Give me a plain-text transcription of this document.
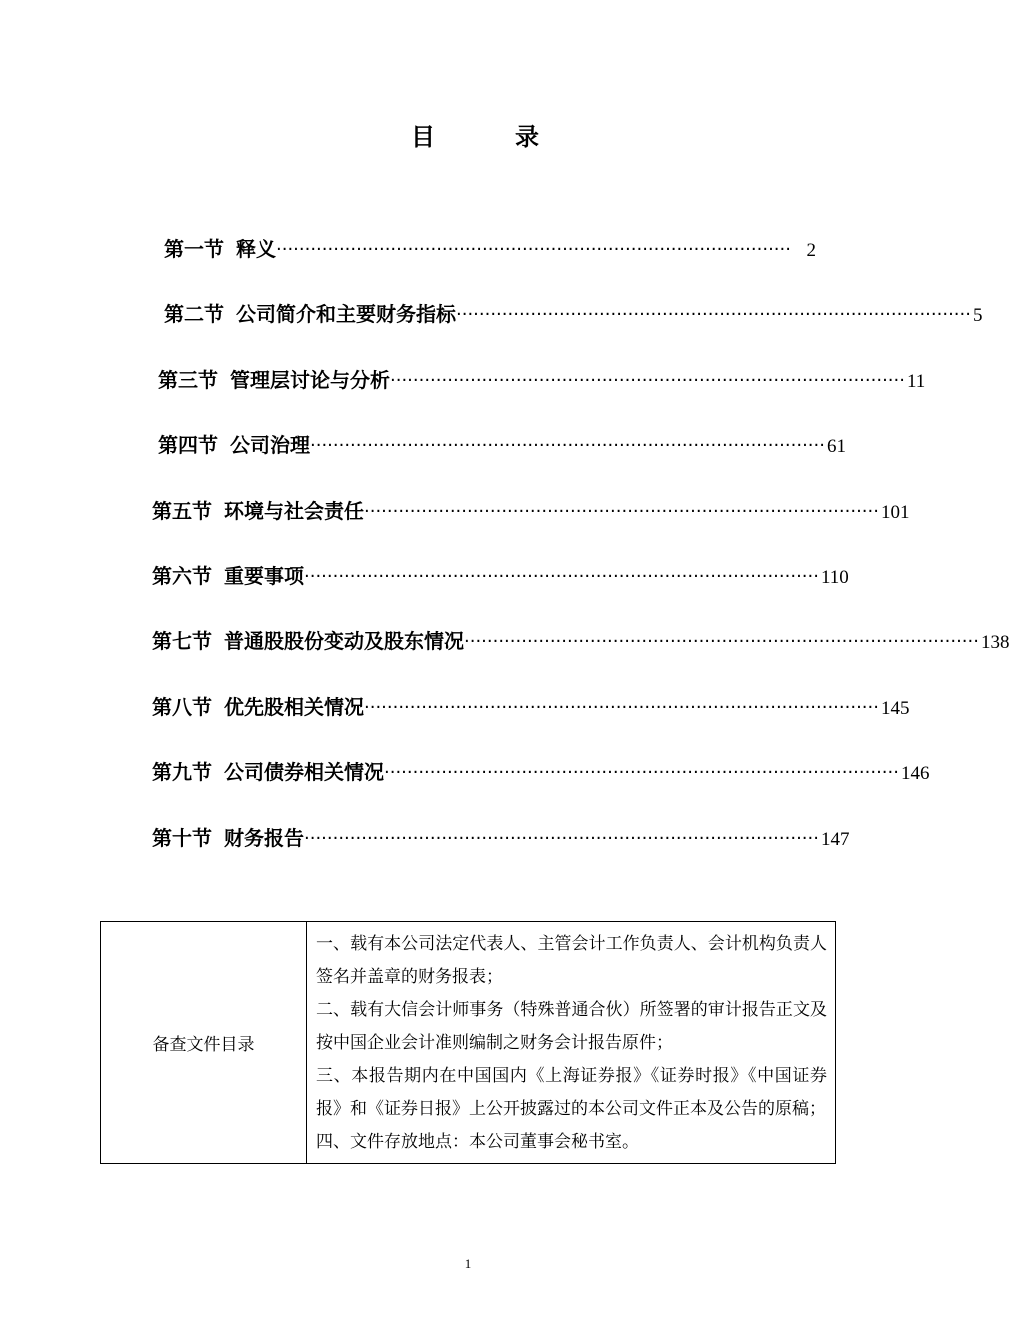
目　录
第一节 释义 ·························································································· 2
第二节 公司简介和主要财务指标 ·························································································· 5
第三节 管理层讨论与分析 ·························································································· 11
第四节 公司治理 ·························································································· 61
第五节 环境与社会责任 ·························································································· 101
第六节 重要事项 ·························································································· 110
第七节 普通股股份变动及股东情况 ·························································································· 138
第八节 优先股相关情况 ·························································································· 145
第九节 公司债券相关情况 ·························································································· 146
第十节 财务报告 ·························································································· 147
备查文件目录	
一、载有本公司法定代表人、主管会计工作负责人、会计机构负责人签名并盖章的财务报表；
二、载有大信会计师事务（特殊普通合伙）所签署的审计报告正文及按中国企业会计准则编制之财务会计报告原件；
三、本报告期内在中国国内《上海证券报》《证券时报》《中国证券报》和《证券日报》上公开披露过的本公司文件正本及公告的原稿；
四、文件存放地点：本公司董事会秘书室。
1
